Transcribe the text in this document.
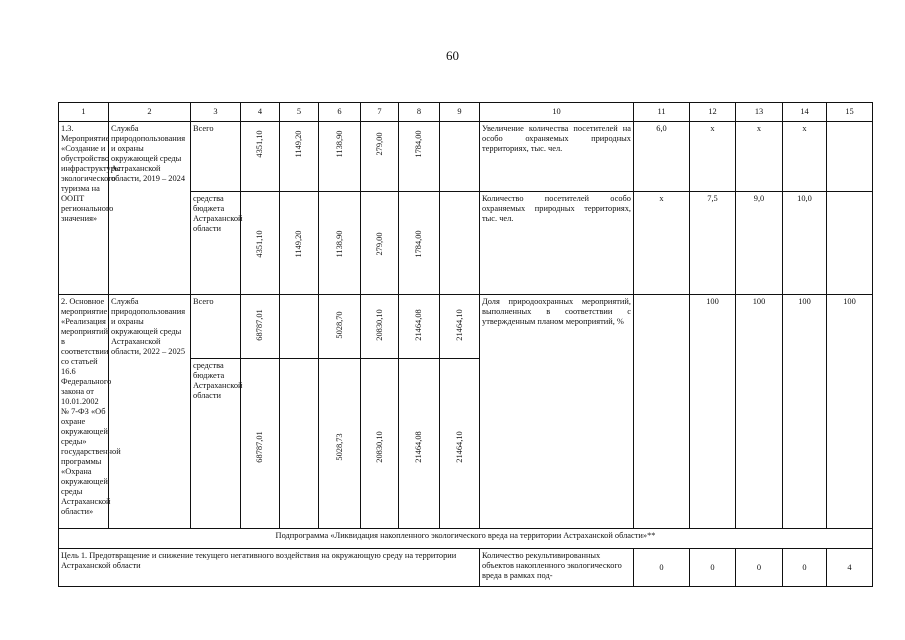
60
1	2	3	4	5	6	7	8	9	10	11	12	13	14	15
1.3. Мероприятие «Создание и обустройство инфраструктуры экологического туризма на ООПТ регионального значения»	Служба природопользования и охраны окружающей среды Астраханской области, 2019 – 2024	Всего	4351,10	1149,20	1138,90	279,00	1784,00		Увеличение количества посетителей на особо охраняемых природных территориях, тыс. чел.	6,0	х	х	х	
		средства бюджета Астраханской области	4351,10	1149,20	1138,90	279,00	1784,00		Количество посетителей особо охраняемых природных территориях, тыс. чел.	х	7,5	9,0	10,0	
2. Основное мероприятие «Реализация мероприятий в соответствии со статьей 16.6 Федерального закона от 10.01.2002 № 7-ФЗ «Об охране окружающей среды» государственной программы «Охрана окружающей среды Астраханской области»	Служба природопользования и охраны окружающей среды Астраханской области, 2022 – 2025	Всего	68787,01		5028,70	20830,10	21464,08	21464,10	Доля природоохранных мероприятий, выполненных в соответствии с утвержденным планом мероприятий, %		100	100	100	100
		средства бюджета Астраханской области	68787,01		5028,73	20830,10	21464,08	21464,10						

Подпрограмма «Ликвидация накопленного экологического вреда на территории Астраханской области»**														
Цель 1. Предотвращение и снижение текущего негативного воздействия на окружающую среду на территории Астраханской области									Количество рекультивированных объектов накопленного экологического вреда в рамках под-	0	0	0	0	4
